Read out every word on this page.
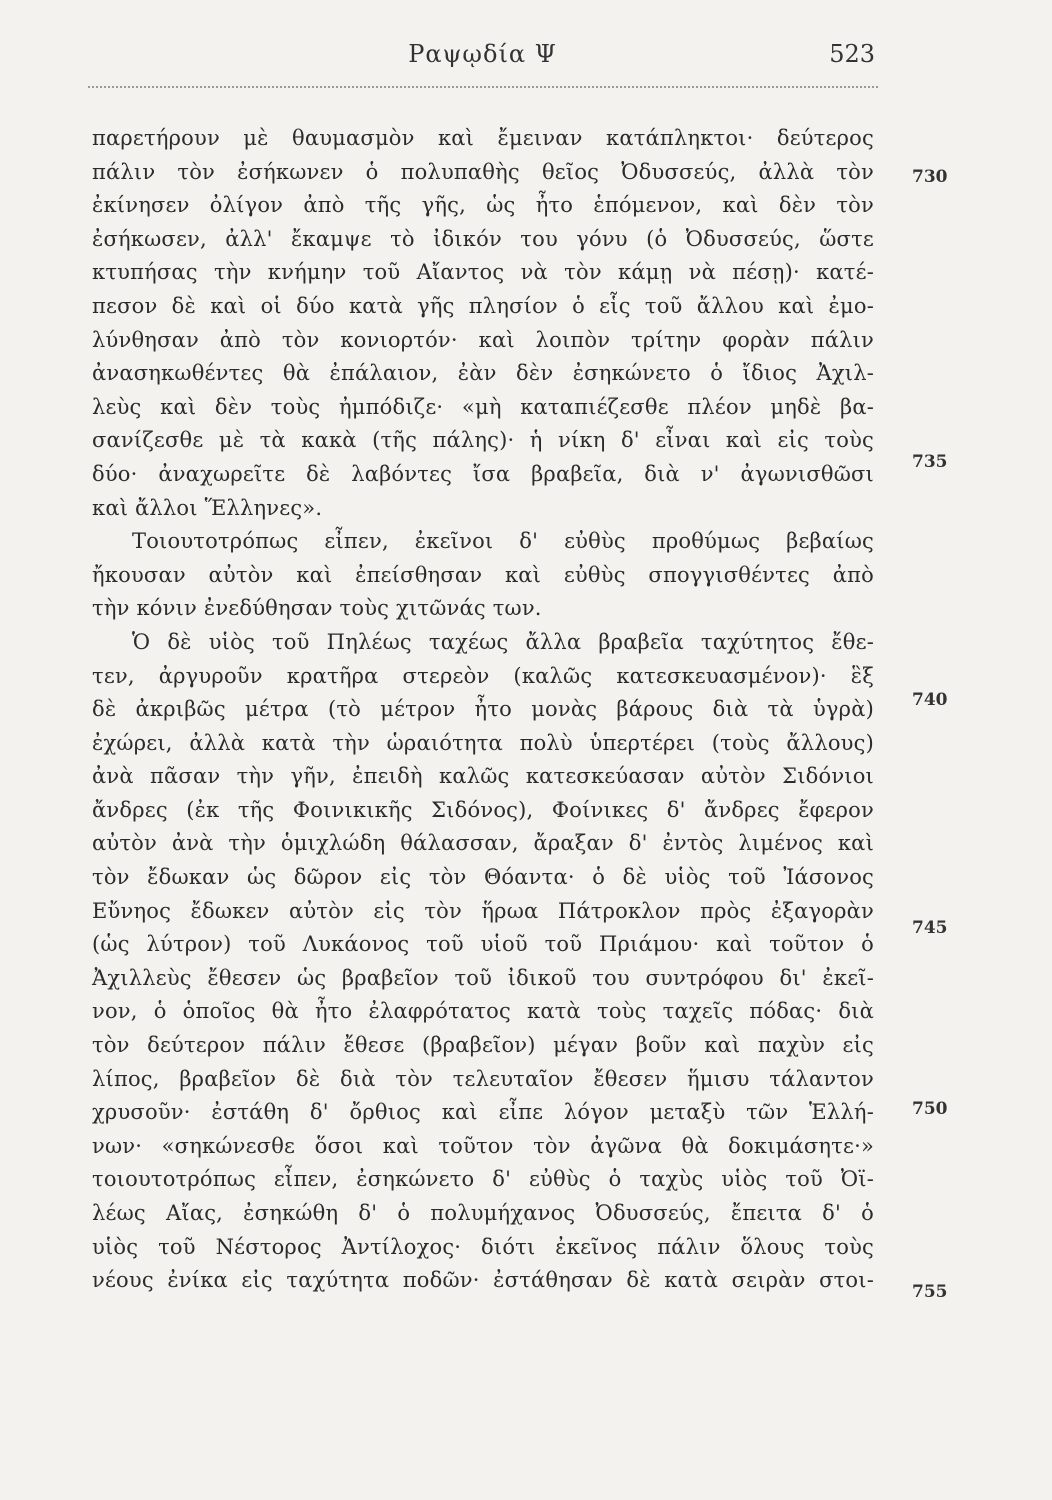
Ραψῳδία Ψ	523
παρετήρουν μὲ θαυμασμὸν καὶ ἔμειναν κατάπληκτοι· δεύτερος
πάλιν τὸν ἐσήκωνεν ὁ πολυπαθὴς θεῖος Ὀδυσσεύς, ἀλλὰ τὸν
ἐκίνησεν ὀλίγον ἀπὸ τῆς γῆς, ὡς ἦτο ἑπόμενον, καὶ δὲν τὸν
ἐσήκωσεν, ἀλλ' ἔκαμψε τὸ ἰδικόν του γόνυ (ὁ Ὀδυσσεύς, ὥστε
κτυπήσας τὴν κνήμην τοῦ Αἴαντος νὰ τὸν κάμῃ νὰ πέσῃ)· κατέ-
πεσον δὲ καὶ οἱ δύο κατὰ γῆς πλησίον ὁ εἷς τοῦ ἄλλου καὶ ἐμο-
λύνθησαν ἀπὸ τὸν κονιορτόν· καὶ λοιπὸν τρίτην φορὰν πάλιν
ἀνασηκωθέντες θὰ ἐπάλαιον, ἐὰν δὲν ἐσηκώνετο ὁ ἴδιος Ἀχιλ-
λεὺς καὶ δὲν τοὺς ἠμπόδιζε· «μὴ καταπιέζεσθε πλέον μηδὲ βα-
σανίζεσθε μὲ τὰ κακὰ (τῆς πάλης)· ἡ νίκη δ' εἶναι καὶ εἰς τοὺς
δύο· ἀναχωρεῖτε δὲ λαβόντες ἴσα βραβεῖα, διὰ ν' ἀγωνισθῶσι
καὶ ἄλλοι Ἕλληνες».
Τοιουτοτρόπως εἶπεν, ἐκεῖνοι δ' εὐθὺς προθύμως βεβαίως
ἤκουσαν αὐτὸν καὶ ἐπείσθησαν καὶ εὐθὺς σπογγισθέντες ἀπὸ
τὴν κόνιν ἐνεδύθησαν τοὺς χιτῶνάς των.
Ὁ δὲ υἱὸς τοῦ Πηλέως ταχέως ἄλλα βραβεῖα ταχύτητος ἔθε-
τεν, ἀργυροῦν κρατῆρα στερεὸν (καλῶς κατεσκευασμένον)· ἓξ
δὲ ἀκριβῶς μέτρα (τὸ μέτρον ἦτο μονὰς βάρους διὰ τὰ ὑγρὰ)
ἐχώρει, ἀλλὰ κατὰ τὴν ὡραιότητα πολὺ ὑπερτέρει (τοὺς ἄλλους)
ἀνὰ πᾶσαν τὴν γῆν, ἐπειδὴ καλῶς κατεσκεύασαν αὐτὸν Σιδόνιοι
ἄνδρες (ἐκ τῆς Φοινικικῆς Σιδόνος), Φοίνικες δ' ἄνδρες ἔφερον
αὐτὸν ἀνὰ τὴν ὁμιχλώδη θάλασσαν, ἄραξαν δ' ἐντὸς λιμένος καὶ
τὸν ἔδωκαν ὡς δῶρον εἰς τὸν Θόαντα· ὁ δὲ υἱὸς τοῦ Ἰάσονος
Εὔνηος ἔδωκεν αὐτὸν εἰς τὸν ἥρωα Πάτροκλον πρὸς ἐξαγορὰν
(ὡς λύτρον) τοῦ Λυκάονος τοῦ υἱοῦ τοῦ Πριάμου· καὶ τοῦτον ὁ
Ἀχιλλεὺς ἔθεσεν ὡς βραβεῖον τοῦ ἰδικοῦ του συντρόφου δι' ἐκεῖ-
νον, ὁ ὁποῖος θὰ ἦτο ἐλαφρότατος κατὰ τοὺς ταχεῖς πόδας· διὰ
τὸν δεύτερον πάλιν ἔθεσε (βραβεῖον) μέγαν βοῦν καὶ παχὺν εἰς
λίπος, βραβεῖον δὲ διὰ τὸν τελευταῖον ἔθεσεν ἥμισυ τάλαντον
χρυσοῦν· ἐστάθη δ' ὄρθιος καὶ εἶπε λόγον μεταξὺ τῶν Ἑλλή-
νων· «σηκώνεσθε ὅσοι καὶ τοῦτον τὸν ἀγῶνα θὰ δοκιμάσητε·»
τοιουτοτρόπως εἶπεν, ἐσηκώνετο δ' εὐθὺς ὁ ταχὺς υἱὸς τοῦ Ὀϊ-
λέως Αἴας, ἐσηκώθη δ' ὁ πολυμήχανος Ὀδυσσεύς, ἔπειτα δ' ὁ
υἱὸς τοῦ Νέστορος Ἀντίλοχος· διότι ἐκεῖνος πάλιν ὅλους τοὺς
νέους ἐνίκα εἰς ταχύτητα ποδῶν· ἐστάθησαν δὲ κατὰ σειρὰν στοι-
730
735
740
745
750
755
